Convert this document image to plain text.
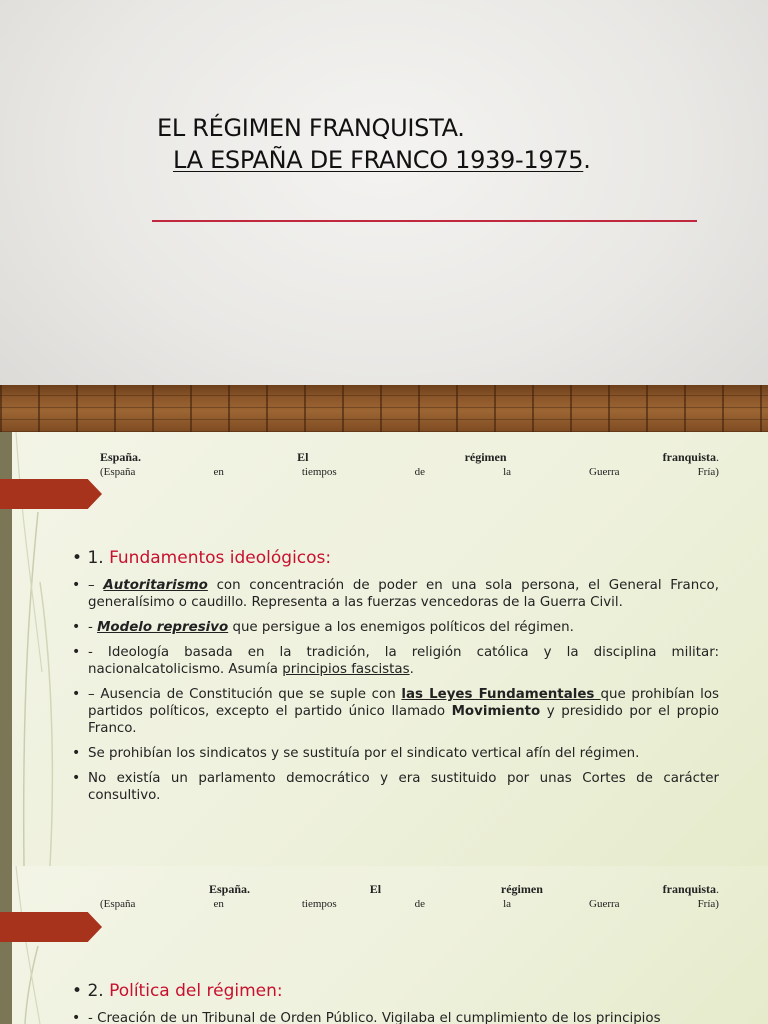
EL RÉGIMEN FRANQUISTA.
LA ESPAÑA DE FRANCO 1939-1975.
España.	El	régimen	franquista.
(España	en	tiempos	de	la	Guerra	Fría)
• 1. Fundamentos ideológicos:
• – Autoritarismo con concentración de poder en una sola persona, el General Franco, generalísimo o caudillo. Representa a las fuerzas vencedoras de la Guerra Civil.
• - Modelo represivo que persigue a los enemigos políticos del régimen.
• - Ideología basada en la tradición, la religión católica y la disciplina militar: nacionalcatolicismo. Asumía principios fascistas.
• – Ausencia de Constitución que se suple con las Leyes Fundamentales que prohibían los partidos políticos, excepto el partido único llamado Movimiento y presidido por el propio Franco.
• Se prohibían los sindicatos y se sustituía por el sindicato vertical afín del régimen.
• No existía un parlamento democrático y era sustituido por unas Cortes de carácter consultivo.
España.	El	régimen	franquista.
(España	en	tiempos	de	la	Guerra	Fría)
• 2. Política del régimen:
• - Creación de un Tribunal de Orden Público. Vigilaba el cumplimiento de los principios
